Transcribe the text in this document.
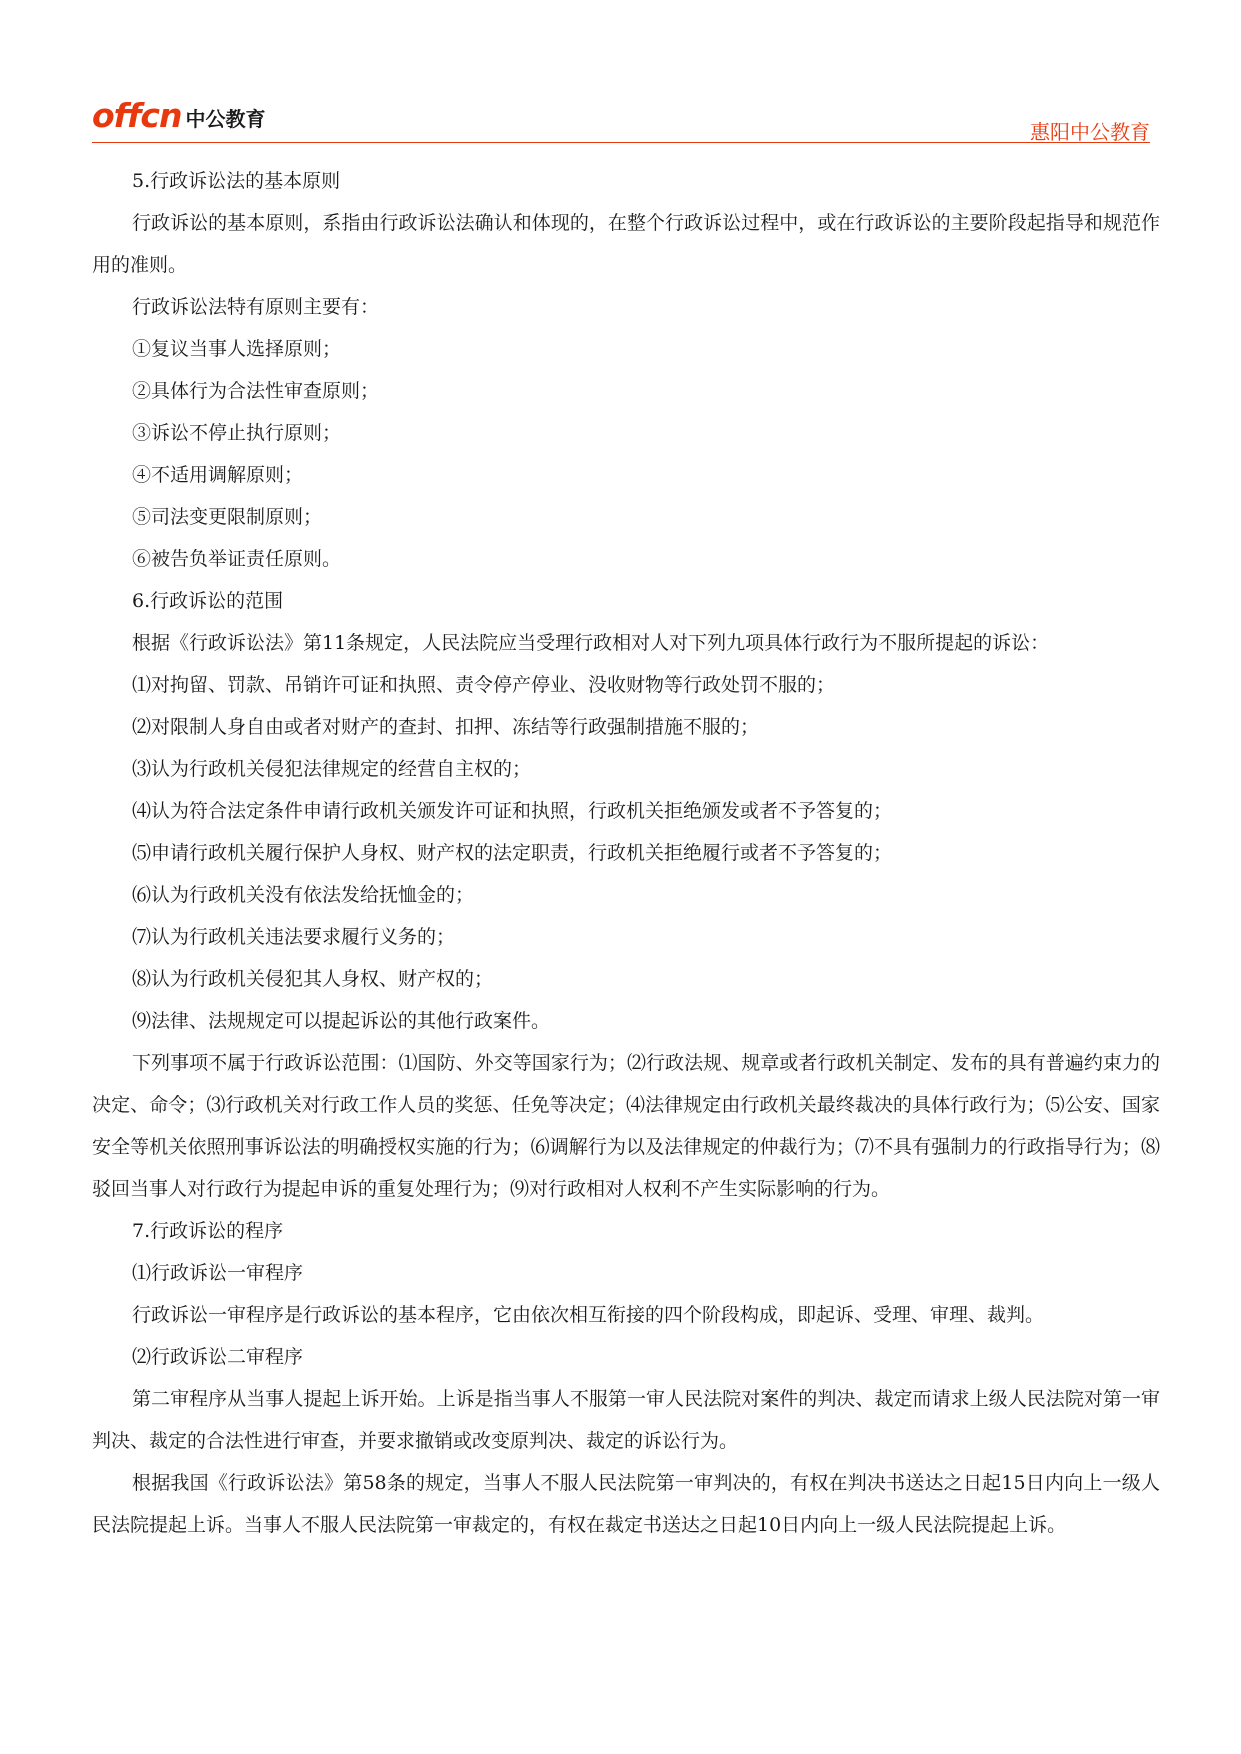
offcn 中公教育
惠阳中公教育

5.行政诉讼法的基本原则

行政诉讼的基本原则，系指由行政诉讼法确认和体现的，在整个行政诉讼过程中，或在行政诉讼的主要阶段起指导和规范作用的准则。

行政诉讼法特有原则主要有：

①复议当事人选择原则；

②具体行为合法性审查原则；

③诉讼不停止执行原则；

④不适用调解原则；

⑤司法变更限制原则；

⑥被告负举证责任原则。

6.行政诉讼的范围

根据《行政诉讼法》第11条规定，人民法院应当受理行政相对人对下列九项具体行政行为不服所提起的诉讼：

⑴对拘留、罚款、吊销许可证和执照、责令停产停业、没收财物等行政处罚不服的；

⑵对限制人身自由或者对财产的查封、扣押、冻结等行政强制措施不服的；

⑶认为行政机关侵犯法律规定的经营自主权的；

⑷认为符合法定条件申请行政机关颁发许可证和执照，行政机关拒绝颁发或者不予答复的；

⑸申请行政机关履行保护人身权、财产权的法定职责，行政机关拒绝履行或者不予答复的；

⑹认为行政机关没有依法发给抚恤金的；

⑺认为行政机关违法要求履行义务的；

⑻认为行政机关侵犯其人身权、财产权的；

⑼法律、法规规定可以提起诉讼的其他行政案件。

下列事项不属于行政诉讼范围：⑴国防、外交等国家行为；⑵行政法规、规章或者行政机关制定、发布的具有普遍约束力的决定、命令；⑶行政机关对行政工作人员的奖惩、任免等决定；⑷法律规定由行政机关最终裁决的具体行政行为；⑸公安、国家安全等机关依照刑事诉讼法的明确授权实施的行为；⑹调解行为以及法律规定的仲裁行为；⑺不具有强制力的行政指导行为；⑻驳回当事人对行政行为提起申诉的重复处理行为；⑼对行政相对人权利不产生实际影响的行为。

7.行政诉讼的程序

⑴行政诉讼一审程序

行政诉讼一审程序是行政诉讼的基本程序，它由依次相互衔接的四个阶段构成，即起诉、受理、审理、裁判。

⑵行政诉讼二审程序

第二审程序从当事人提起上诉开始。上诉是指当事人不服第一审人民法院对案件的判决、裁定而请求上级人民法院对第一审判决、裁定的合法性进行审查，并要求撤销或改变原判决、裁定的诉讼行为。

根据我国《行政诉讼法》第58条的规定，当事人不服人民法院第一审判决的，有权在判决书送达之日起15日内向上一级人民法院提起上诉。当事人不服人民法院第一审裁定的，有权在裁定书送达之日起10日内向上一级人民法院提起上诉。
